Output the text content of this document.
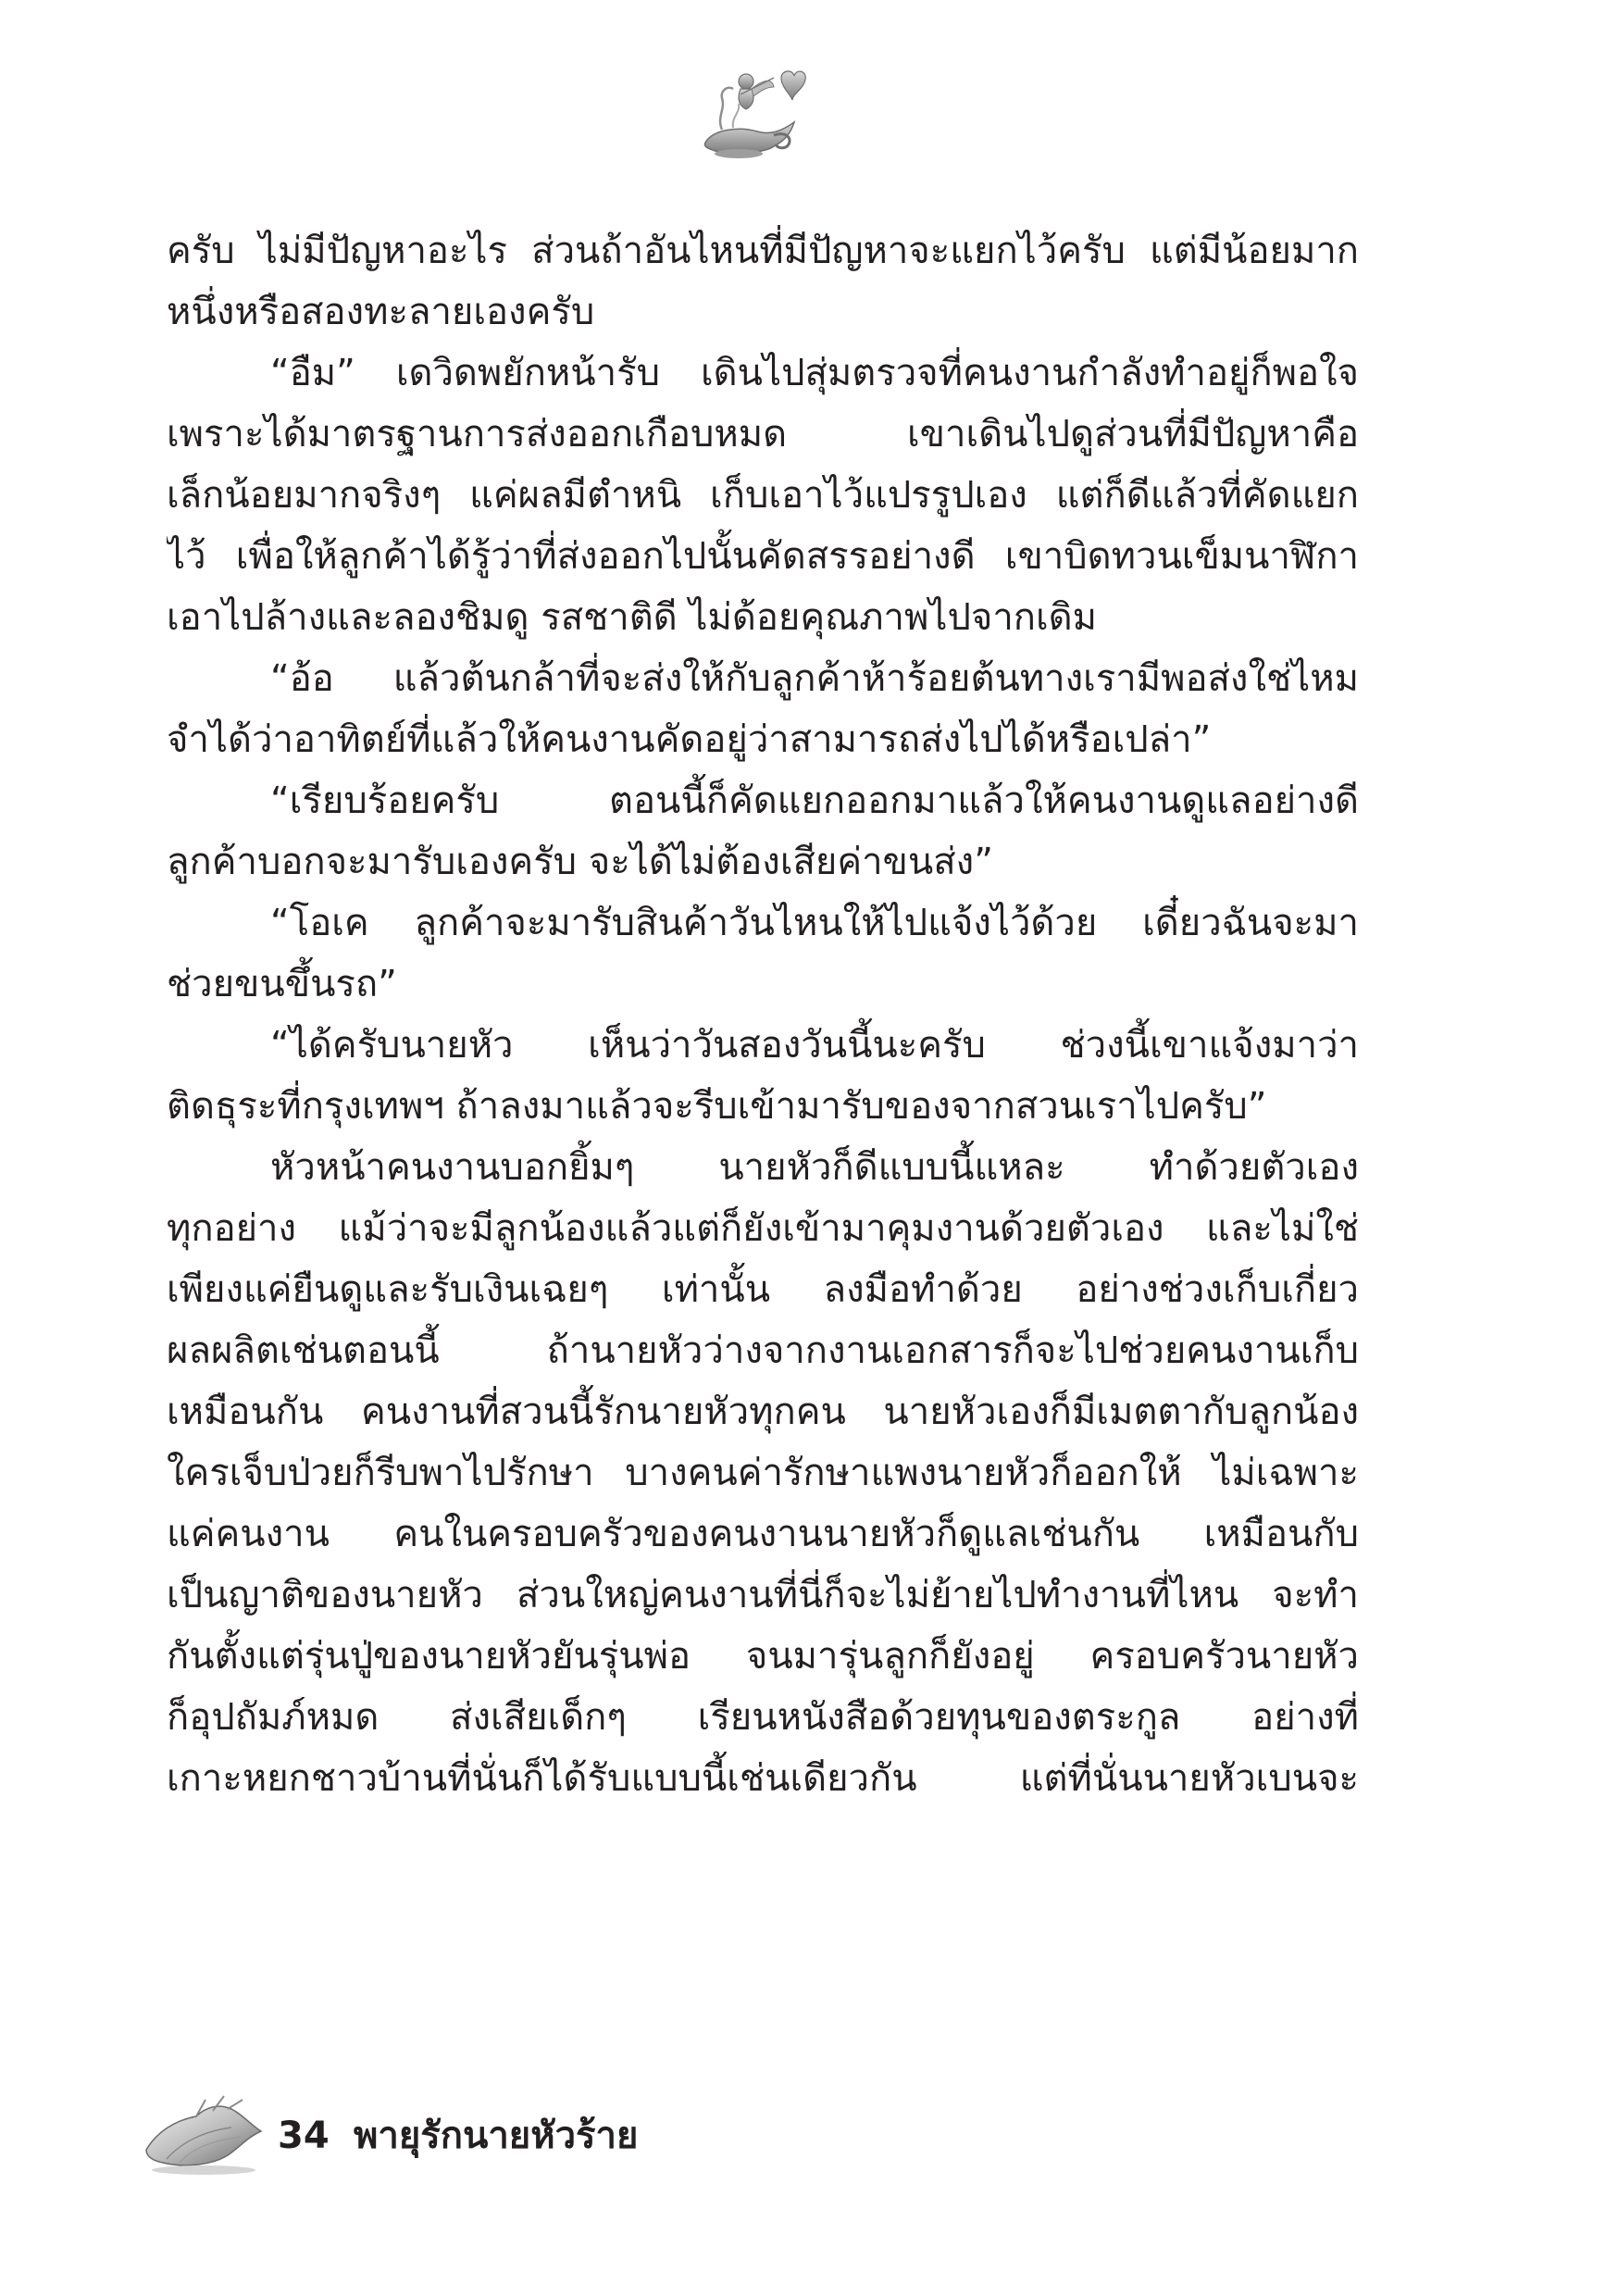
ครับ ไม่มีปัญหาอะไร ส่วนถ้าอันไหนที่มีปัญหาจะแยกไว้ครับ แต่มีน้อยมาก
หนึ่งหรือสองทะลายเองครับ
“อืม” เดวิดพยักหน้ารับ เดินไปสุ่มตรวจที่คนงานกำลังทำอยู่ก็พอใจ
เพราะได้มาตรฐานการส่งออกเกือบหมด เขาเดินไปดูส่วนที่มีปัญหาคือ
เล็กน้อยมากจริงๆ แค่ผลมีตำหนิ เก็บเอาไว้แปรรูปเอง แต่ก็ดีแล้วที่คัดแยก
ไว้ เพื่อให้ลูกค้าได้รู้ว่าที่ส่งออกไปนั้นคัดสรรอย่างดี เขาบิดทวนเข็มนาฬิกา
เอาไปล้างและลองชิมดู รสชาติดี ไม่ด้อยคุณภาพไปจากเดิม
“อ้อ แล้วต้นกล้าที่จะส่งให้กับลูกค้าห้าร้อยต้นทางเรามีพอส่งใช่ไหม
จำได้ว่าอาทิตย์ที่แล้วให้คนงานคัดอยู่ว่าสามารถส่งไปได้หรือเปล่า”
“เรียบร้อยครับ ตอนนี้ก็คัดแยกออกมาแล้วให้คนงานดูแลอย่างดี
ลูกค้าบอกจะมารับเองครับ จะได้ไม่ต้องเสียค่าขนส่ง”
“โอเค ลูกค้าจะมารับสินค้าวันไหนให้ไปแจ้งไว้ด้วย เดี๋ยวฉันจะมา
ช่วยขนขึ้นรถ”
“ได้ครับนายหัว เห็นว่าวันสองวันนี้นะครับ ช่วงนี้เขาแจ้งมาว่า
ติดธุระที่กรุงเทพฯ ถ้าลงมาแล้วจะรีบเข้ามารับของจากสวนเราไปครับ”
หัวหน้าคนงานบอกยิ้มๆ นายหัวก็ดีแบบนี้แหละ ทำด้วยตัวเอง
ทุกอย่าง แม้ว่าจะมีลูกน้องแล้วแต่ก็ยังเข้ามาคุมงานด้วยตัวเอง และไม่ใช่
เพียงแค่ยืนดูและรับเงินเฉยๆ เท่านั้น ลงมือทำด้วย อย่างช่วงเก็บเกี่ยว
ผลผลิตเช่นตอนนี้ ถ้านายหัวว่างจากงานเอกสารก็จะไปช่วยคนงานเก็บ
เหมือนกัน คนงานที่สวนนี้รักนายหัวทุกคน นายหัวเองก็มีเมตตากับลูกน้อง
ใครเจ็บป่วยก็รีบพาไปรักษา บางคนค่ารักษาแพงนายหัวก็ออกให้ ไม่เฉพาะ
แค่คนงาน คนในครอบครัวของคนงานนายหัวก็ดูแลเช่นกัน เหมือนกับ
เป็นญาติของนายหัว ส่วนใหญ่คนงานที่นี่ก็จะไม่ย้ายไปทำงานที่ไหน จะทำ
กันตั้งแต่รุ่นปู่ของนายหัวยันรุ่นพ่อ จนมารุ่นลูกก็ยังอยู่ ครอบครัวนายหัว
ก็อุปถัมภ์หมด ส่งเสียเด็กๆ เรียนหนังสือด้วยทุนของตระกูล อย่างที่
เกาะหยกชาวบ้านที่นั่นก็ได้รับแบบนี้เช่นเดียวกัน แต่ที่นั่นนายหัวเบนจะ
34 พายุรักนายหัวร้าย
